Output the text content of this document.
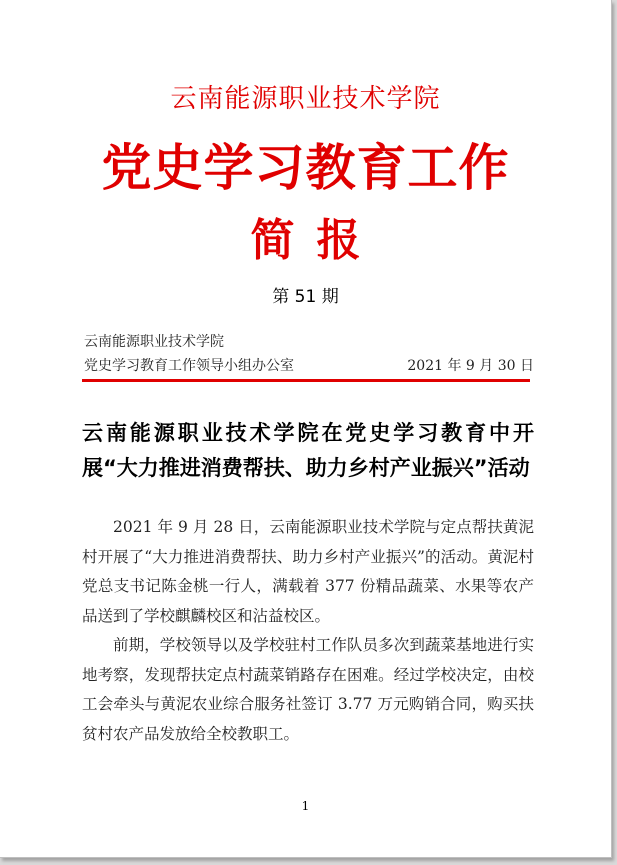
云南能源职业技术学院
党史学习教育工作
简报
第 51 期
云南能源职业技术学院
党史学习教育工作领导小组办公室	2021 年 9 月 30 日
云南能源职业技术学院在党史学习教育中开展“大力推进消费帮扶、助力乡村产业振兴”活动

2021 年 9 月 28 日，云南能源职业技术学院与定点帮扶黄泥村开展了“大力推进消费帮扶、助力乡村产业振兴”的活动。黄泥村党总支书记陈金桃一行人，满载着 377 份精品蔬菜、水果等农产品送到了学校麒麟校区和沾益校区。

前期，学校领导以及学校驻村工作队员多次到蔬菜基地进行实地考察，发现帮扶定点村蔬菜销路存在困难。经过学校决定，由校工会牵头与黄泥农业综合服务社签订 3.77 万元购销合同，购买扶贫村农产品发放给全校教职工。

1
